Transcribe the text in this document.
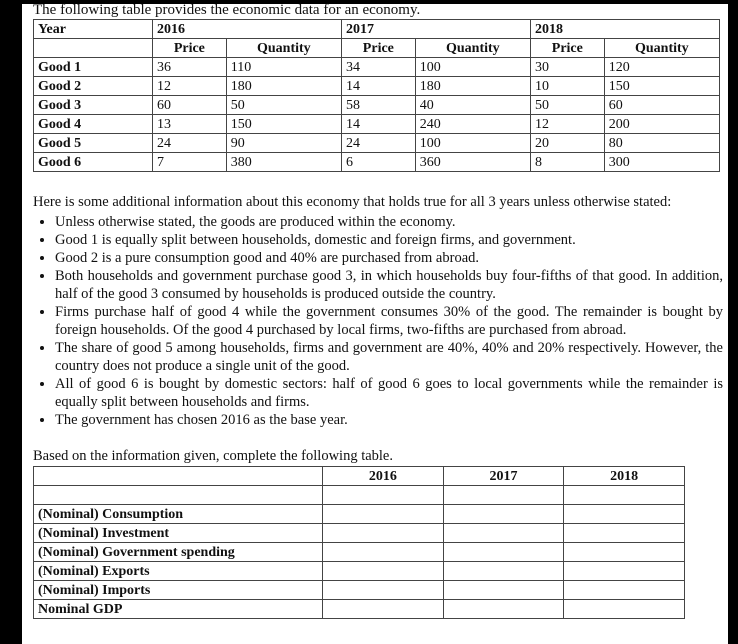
The following table provides the economic data for an economy.

Year	2016		2017		2018	
	Price	Quantity	Price	Quantity	Price	Quantity
Good 1	36	110	34	100	30	120
Good 2	12	180	14	180	10	150
Good 3	60	50	58	40	50	60
Good 4	13	150	14	240	12	200
Good 5	24	90	24	100	20	80
Good 6	7	380	6	360	8	300

Here is some additional information about this economy that holds true for all 3 years unless otherwise stated:

• Unless otherwise stated, the goods are produced within the economy.
• Good 1 is equally split between households, domestic and foreign firms, and government.
• Good 2 is a pure consumption good and 40% are purchased from abroad.
• Both households and government purchase good 3, in which households buy four-fifths of that good. In addition, half of the good 3 consumed by households is produced outside the country.
• Firms purchase half of good 4 while the government consumes 30% of the good. The remainder is bought by foreign households. Of the good 4 purchased by local firms, two-fifths are purchased from abroad.
• The share of good 5 among households, firms and government are 40%, 40% and 20% respectively. However, the country does not produce a single unit of the good.
• All of good 6 is bought by domestic sectors: half of good 6 goes to local governments while the remainder is equally split between households and firms.
• The government has chosen 2016 as the base year.

Based on the information given, complete the following table.

	2016	2017	2018

(Nominal) Consumption			
(Nominal) Investment			
(Nominal) Government spending			
(Nominal) Exports			
(Nominal) Imports			
Nominal GDP			
